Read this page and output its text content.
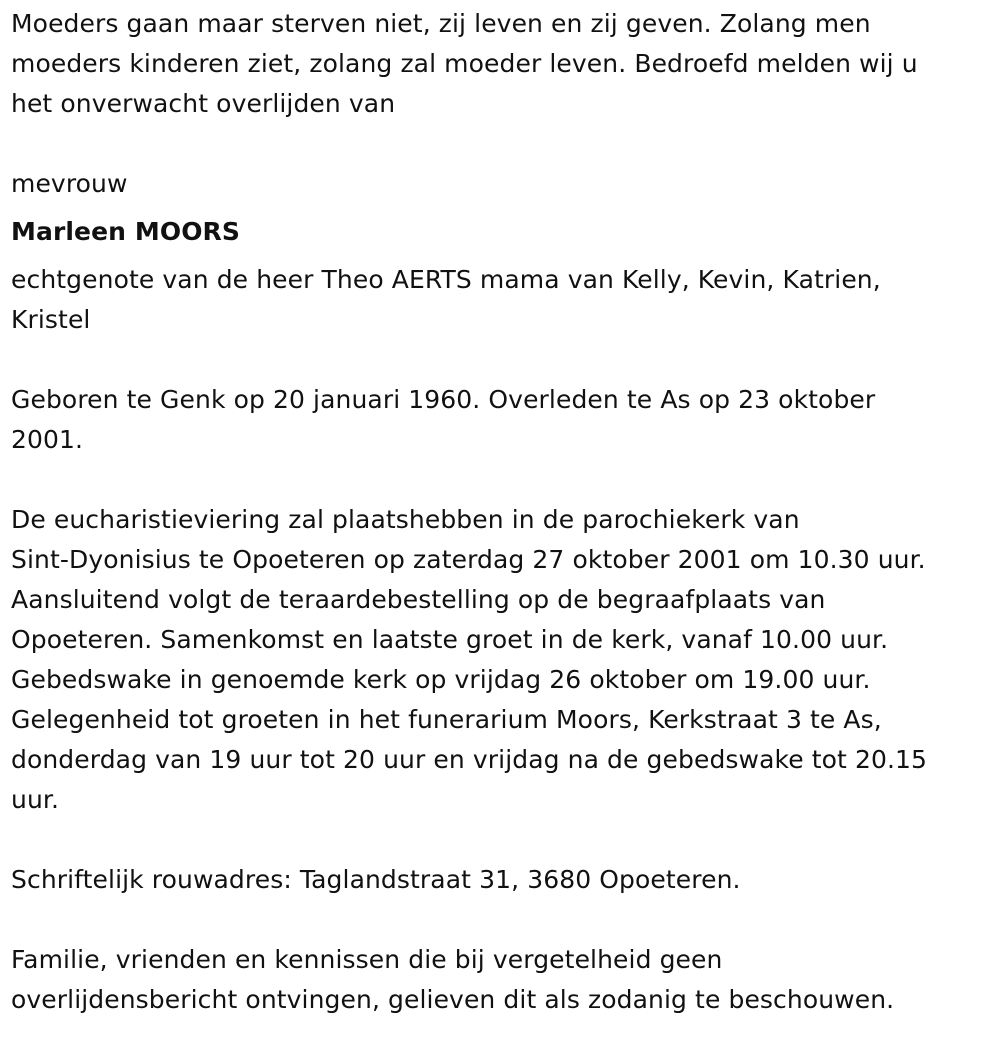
Moeders gaan maar sterven niet, zij leven en zij geven. Zolang men

moeders kinderen ziet, zolang zal moeder leven. Bedroefd melden wij u

het onverwacht overlijden van

mevrouw

Marleen MOORS

echtgenote van de heer Theo AERTS mama van Kelly, Kevin, Katrien,

Kristel

Geboren te Genk op 20 januari 1960. Overleden te As op 23 oktober

2001.

De eucharistieviering zal plaatshebben in de parochiekerk van

Sint-Dyonisius te Opoeteren op zaterdag 27 oktober 2001 om 10.30 uur.

Aansluitend volgt de teraardebestelling op de begraafplaats van

Opoeteren. Samenkomst en laatste groet in de kerk, vanaf 10.00 uur.

Gebedswake in genoemde kerk op vrijdag 26 oktober om 19.00 uur.

Gelegenheid tot groeten in het funerarium Moors, Kerkstraat 3 te As,

donderdag van 19 uur tot 20 uur en vrijdag na de gebedswake tot 20.15

uur.

Schriftelijk rouwadres: Taglandstraat 31, 3680 Opoeteren.

Familie, vrienden en kennissen die bij vergetelheid geen

overlijdensbericht ontvingen, gelieven dit als zodanig te beschouwen.
